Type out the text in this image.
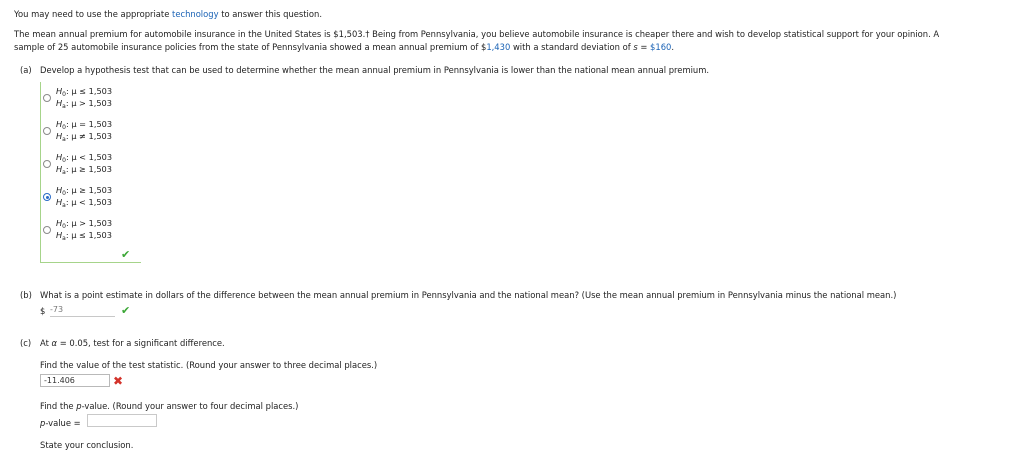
You may need to use the appropriate technology to answer this question.
The mean annual premium for automobile insurance in the United States is $1,503.† Being from Pennsylvania, you believe automobile insurance is cheaper there and wish to develop statistical support for your opinion. A
sample of 25 automobile insurance policies from the state of Pennsylvania showed a mean annual premium of $1,430 with a standard deviation of s = $160.
(a) Develop a hypothesis test that can be used to determine whether the mean annual premium in Pennsylvania is lower than the national mean annual premium.
$H_0$: μ ≤ 1,503
$H_a$: μ > 1,503
$H_0$: μ = 1,503
$H_a$: μ ≠ 1,503
$H_0$: μ < 1,503
$H_a$: μ ≥ 1,503
$H_0$: μ ≥ 1,503
$H_a$: μ < 1,503
$H_0$: μ > 1,503
$H_a$: μ ≤ 1,503
✔
(b) What is a point estimate in dollars of the difference between the mean annual premium in Pennsylvania and the national mean? (Use the mean annual premium in Pennsylvania minus the national mean.)
$ -73	✔
(c) At α = 0.05, test for a significant difference.
Find the value of the test statistic. (Round your answer to three decimal places.)
-11.406	✖
Find the p-value. (Round your answer to four decimal places.)
p-value =
State your conclusion.
